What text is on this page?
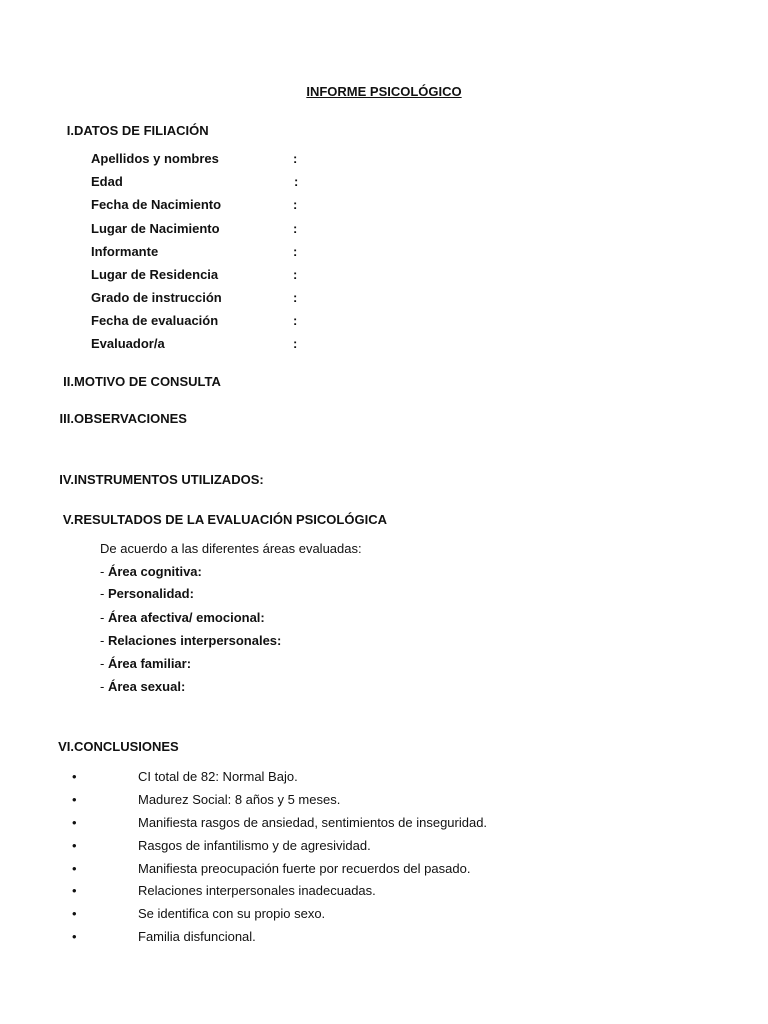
INFORME PSICOLÓGICO
I.DATOS DE FILIACIÓN
Apellidos y nombres	:
Edad	:
Fecha de Nacimiento	:
Lugar de Nacimiento	:
Informante	:
Lugar de Residencia	:
Grado de instrucción	:
Fecha de evaluación	:
Evaluador/a	:
II.MOTIVO DE CONSULTA
III.OBSERVACIONES
IV.INSTRUMENTOS UTILIZADOS:
V.RESULTADOS DE LA EVALUACIÓN PSICOLÓGICA
De acuerdo a las diferentes áreas evaluadas:
- Área cognitiva:
- Personalidad:
- Área afectiva/ emocional:
- Relaciones interpersonales:
- Área familiar:
- Área sexual:
VI.CONCLUSIONES
•	CI total de 82: Normal Bajo.
•	Madurez Social: 8 años y 5 meses.
•	Manifiesta rasgos de ansiedad, sentimientos de inseguridad.
•	Rasgos de infantilismo y de agresividad.
•	Manifiesta preocupación fuerte por recuerdos del pasado.
•	Relaciones interpersonales inadecuadas.
•	Se identifica con su propio sexo.
•	Familia disfuncional.
